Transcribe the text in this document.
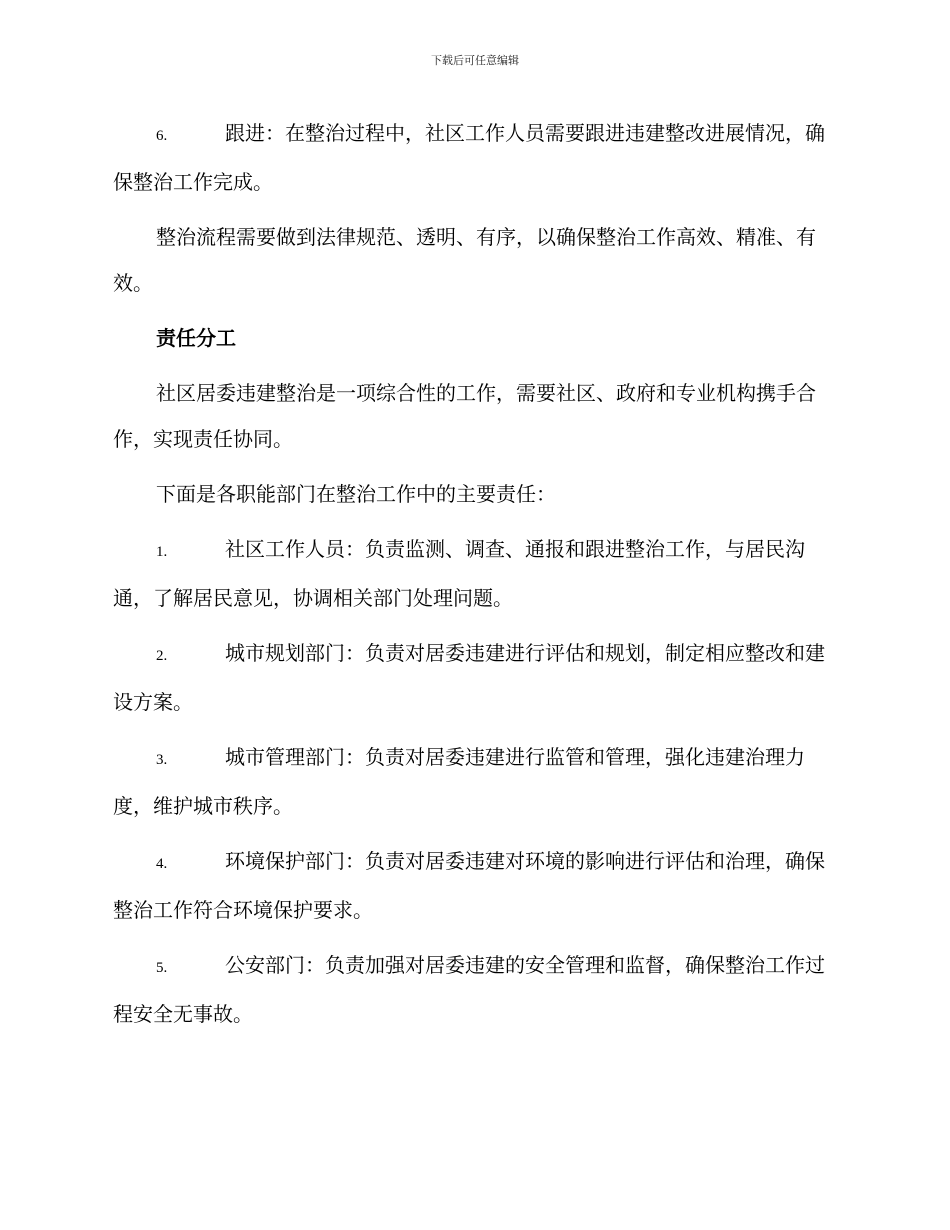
下载后可任意编辑

6.	跟进：在整治过程中，社区工作人员需要跟进违建整改进展情况，确保整治工作完成。

整治流程需要做到法律规范、透明、有序，以确保整治工作高效、精准、有效。

责任分工

社区居委违建整治是一项综合性的工作，需要社区、政府和专业机构携手合作，实现责任协同。

下面是各职能部门在整治工作中的主要责任：

1.	社区工作人员：负责监测、调查、通报和跟进整治工作，与居民沟通，了解居民意见，协调相关部门处理问题。

2.	城市规划部门：负责对居委违建进行评估和规划，制定相应整改和建设方案。

3.	城市管理部门：负责对居委违建进行监管和管理，强化违建治理力度，维护城市秩序。

4.	环境保护部门：负责对居委违建对环境的影响进行评估和治理，确保整治工作符合环境保护要求。

5.	公安部门：负责加强对居委违建的安全管理和监督，确保整治工作过程安全无事故。
